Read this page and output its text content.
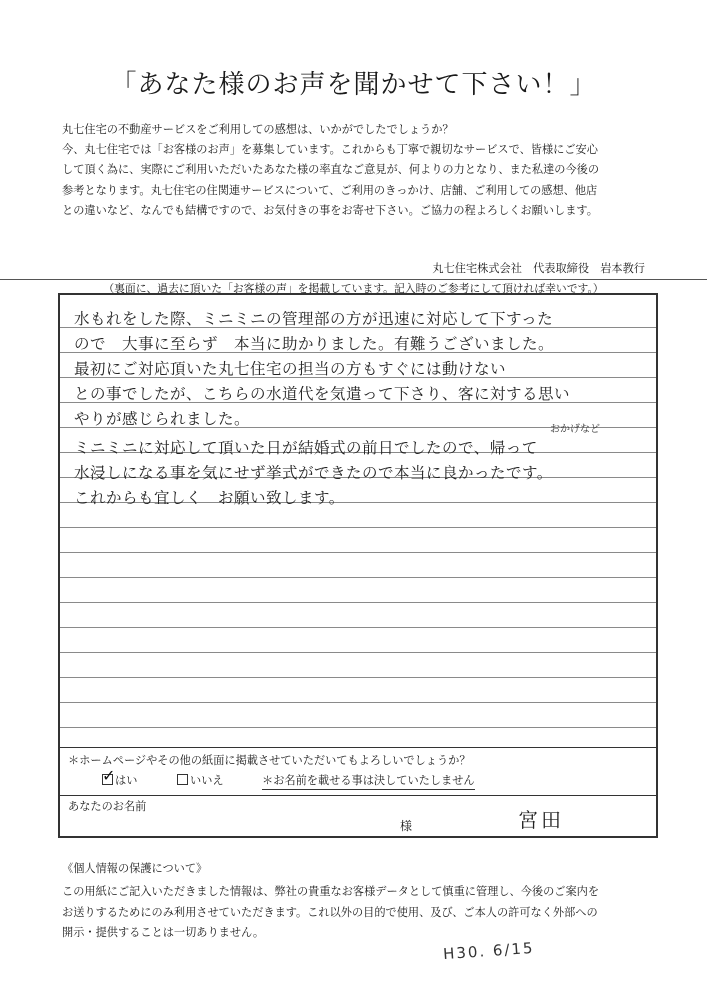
「あなた様のお声を聞かせて下さい！」

丸七住宅の不動産サービスをご利用しての感想は、いかがでしたでしょうか？

今、丸七住宅では「お客様のお声」を募集しています。これからも丁寧で親切なサービスで、皆様にご安心

して頂く為に、実際にご利用いただいたあなた様の率直なご意見が、何よりの力となり、また私達の今後の

参考となります。丸七住宅の住関連サービスについて、ご利用のきっかけ、店舗、ご利用しての感想、他店

との違いなど、なんでも結構ですので、お気付きの事をお寄せ下さい。ご協力の程よろしくお願いします。

丸七住宅株式会社　代表取締役　岩本教行
（裏面に、過去に頂いた「お客様の声」を掲載しています。記入時のご参考にして頂ければ幸いです。）
水もれをした際、ミニミニの管理部の方が迅速に対応して下すった
ので　大事に至らず　本当に助かりました。有難うございました。
最初にご対応頂いた丸七住宅の担当の方もすぐには動けない
との事でしたが、こちらの水道代を気遣って下さり、客に対する思い
やりが感じられました。
ミニミニに対応して頂いた日が結婚式の前日でしたので、帰って
水浸しになる事を気にせず挙式ができたので本当に良かったです。
これからも宜しく　お願い致します。
おかげなど
＊ホームページやその他の紙面に掲載させていただいてもよろしいでしょうか？
✓ はい	いいえ	＊お名前を載せる事は決していたしません
あなたのお名前
様	宮田
《個人情報の保護について》

この用紙にご記入いただきました情報は、弊社の貴重なお客様データとして慎重に管理し、今後のご案内を

お送りするためにのみ利用させていただきます。これ以外の目的で使用、及び、ご本人の許可なく外部への

開示・提供することは一切ありません。

H30. 6/15
